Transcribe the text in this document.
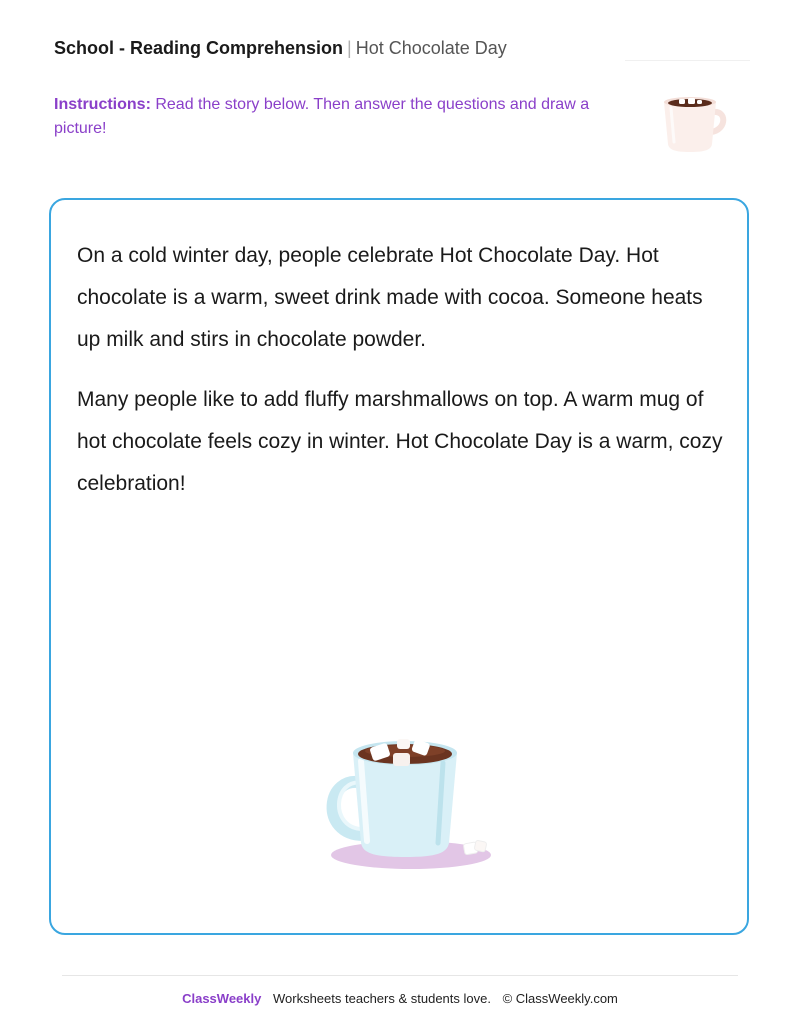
School - Reading Comprehension | Hot Chocolate Day
Instructions: Read the story below. Then answer the questions and draw a picture!

On a cold winter day, people celebrate Hot Chocolate Day. Hot chocolate is a warm, sweet drink made with cocoa. Someone heats up milk and stirs in chocolate powder.

Many people like to add fluffy marshmallows on top. A warm mug of hot chocolate feels cozy in winter. Hot Chocolate Day is a warm, cozy celebration!

ClassWeekly Worksheets teachers & students love. © ClassWeekly.com
